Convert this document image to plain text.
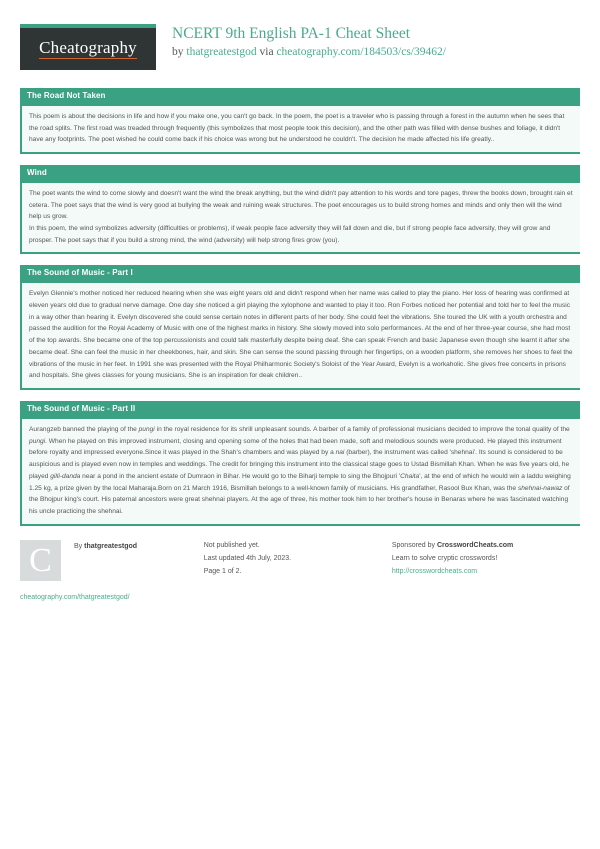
Cheatography
NCERT 9th English PA-1 Cheat Sheet
by thatgreatestgod via cheatography.com/184503/cs/39462/
The Road Not Taken

This poem is about the decisions in life and how if you make one, you can't go back. In the poem, the poet is a traveler who is passing through a forest in the autumn when he sees that the road splits. The first road was treaded through frequently (this symbolizes that most people took this decision), and the other path was filled with dense bushes and foliage, it didn't have any footprints. The poet wished he could come back if his choice was wrong but he understood he couldn't. The decision he made affected his life greatly..

Wind

The poet wants the wind to come slowly and doesn't want the wind the break anything, but the wind didn't pay attention to his words and tore pages, threw the books down, brought rain et cetera. The poet says that the wind is very good at bullying the weak and ruining weak structures. The poet encourages us to build strong homes and minds and only then will the wind help us grow.

In this poem, the wind symbolizes adversity (difficulties or problems), if weak people face adversity they will fall down and die, but if strong people face adversity, they will grow and prosper. The poet says that if you build a strong mind, the wind (adversity) will help strong fires grow (you).

The Sound of Music - Part I

Evelyn Glennie's mother noticed her reduced hearing when she was eight years old and didn't respond when her name was called to play the piano. Her loss of hearing was confirmed at eleven years old due to gradual nerve damage. One day she noticed a girl playing the xylophone and wanted to play it too. Ron Forbes noticed her potential and told her to feel the music in a way other than hearing it. Evelyn discovered she could sense certain notes in different parts of her body. She could feel the vibrations. She toured the UK with a youth orchestra and passed the audition for the Royal Academy of Music with one of the highest marks in history. She slowly moved into solo performances. At the end of her three-year course, she had most of the top awards. She became one of the top percussionists and could talk masterfully despite being deaf. She can speak French and basic Japanese even though she learnt it after she became deaf. She can feel the music in her cheekbones, hair, and skin. She can sense the sound passing through her fingertips, on a wooden platform, she removes her shoes to feel the vibrations of the music in her feet. In 1991 she was presented with the Royal Philharmonic Society's Soloist of the Year Award, Evelyn is a workaholic. She gives free concerts in prisons and hospitals. She gives classes for young musicians. She is an inspiration for deak children..

The Sound of Music - Part II

Aurangzeb banned the playing of the pungi in the royal residence for its shrill unpleasant sounds. A barber of a family of professional musicians decided to improve the tonal quality of the pungi. When he played on this improved instrument, closing and opening some of the holes that had been made, soft and melodious sounds were produced. He played this instrument before royalty and impressed everyone.Since it was played in the Shah's chambers and was played by a nai (barber), the instrument was called 'shehnai'. Its sound is considered to be auspicious and is played even now in temples and weddings. The credit for bringing this instrument into the classical stage goes to Ustad Bismillah Khan. When he was five years old, he played gilli-danda near a pond in the ancient estate of Dumraon in Bihar. He would go to the Biharji temple to sing the Bhojpuri 'Chaita', at the end of which he would win a laddu weighing 1.25 kg, a prize given by the local Maharaja.Born on 21 March 1916, Bismillah belongs to a well-known family of musicians. His grandfather, Rasool Bux Khan, was the shehnai-nawaz of the Bhojpur king's court. His paternal ancestors were great shehnai players. At the age of three, his mother took him to her brother's house in Benaras where he was fascinated watching his uncle practicing the shehnai.

C	By thatgreatestgod
cheatography.com/thatgreatestgod/
Not published yet.
Last updated 4th July, 2023.
Page 1 of 2.
Sponsored by CrosswordCheats.com
Learn to solve cryptic crosswords!
http://crosswordcheats.com
